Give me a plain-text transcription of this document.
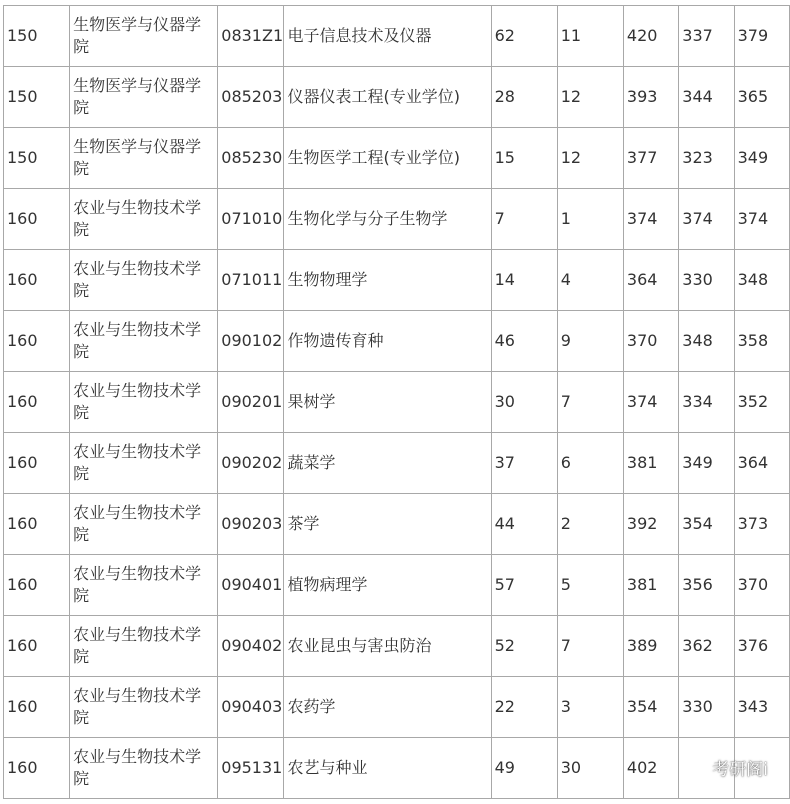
150	生物医学与仪器学院	0831Z1	电子信息技术及仪器	62	11	420	337	379
150	生物医学与仪器学院	085203	仪器仪表工程(专业学位)	28	12	393	344	365
150	生物医学与仪器学院	085230	生物医学工程(专业学位)	15	12	377	323	349
160	农业与生物技术学院	071010	生物化学与分子生物学	7	1	374	374	374
160	农业与生物技术学院	071011	生物物理学	14	4	364	330	348
160	农业与生物技术学院	090102	作物遗传育种	46	9	370	348	358
160	农业与生物技术学院	090201	果树学	30	7	374	334	352
160	农业与生物技术学院	090202	蔬菜学	37	6	381	349	364
160	农业与生物技术学院	090203	茶学	44	2	392	354	373
160	农业与生物技术学院	090401	植物病理学	57	5	381	356	370
160	农业与生物技术学院	090402	农业昆虫与害虫防治	52	7	389	362	376
160	农业与生物技术学院	090403	农药学	22	3	354	330	343
160	农业与生物技术学院	095131	农艺与种业	49	30	402			考研阁i
